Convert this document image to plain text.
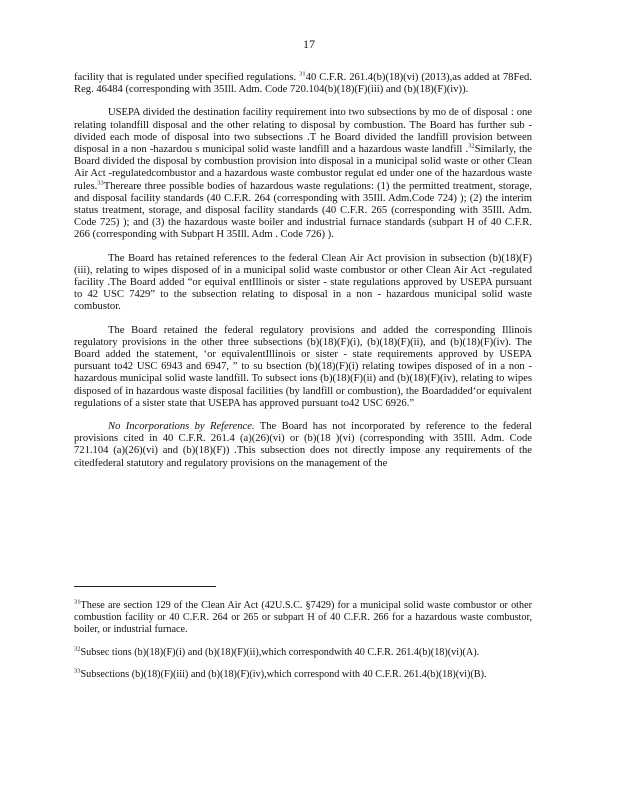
17

facility that is regulated under specified regulations. $^{31}$40 C.F.R. 261.4(b)(18)(vi) (2013),as added at 78Fed. Reg. 46484 (corresponding with 35Ill. Adm. Code 720.104(b)(18)(F)(iii) and (b)(18)(F)(iv)).

USEPA divided the destination facility requirement into two subsections by mo de of disposal : one relating tolandfill disposal and the other relating to disposal by combustion. The Board has further sub -divided each mode of disposal into two subsections .T he Board divided the landfill provision between disposal in a non -hazardou s municipal solid waste landfill and a hazardous waste landfill .$^{32}$Similarly, the Board divided the disposal by combustion provision into disposal in a municipal solid waste or other Clean Air Act -regulatedcombustor and a hazardous waste combustor regulat ed under one of the hazardous waste rules.$^{33}$Thereare three possible bodies of hazardous waste regulations: (1) the permitted treatment, storage, and disposal facility standards (40 C.F.R. 264 (corresponding with 35Ill. Adm.Code 724) ); (2) the interim status treatment, storage, and disposal facility standards (40 C.F.R. 265 (corresponding with 35Ill. Adm. Code 725) ); and (3) the hazardous waste boiler and industrial furnace standards (subpart H of 40 C.F.R. 266 (corresponding with Subpart H 35Ill. Adm . Code 726) ).

The Board has retained references to the federal Clean Air Act provision in subsection (b)(18)(F)(iii), relating to wipes disposed of in a municipal solid waste combustor or other Clean Air Act -regulated facility .The Board added “or equival entIllinois or sister - state regulations approved by USEPA pursuant to 42 USC 7429” to the subsection relating to disposal in a non - hazardous municipal solid waste combustor.

The Board retained the federal regulatory provisions and added the corresponding Illinois regulatory provisions in the other three subsections (b)(18)(F)(i), (b)(18)(F)(ii), and (b)(18)(F)(iv). The Board added the statement, ‘or equivalentIllinois or sister - state requirements approved by USEPA pursuant to42 USC 6943 and 6947, ” to su bsection (b)(18)(F)(i) relating towipes disposed of in a non - hazardous municipal solid waste landfill. To subsect ions (b)(18)(F)(ii) and (b)(18)(F)(iv), relating to wipes disposed of in hazardous waste disposal facilities (by landfill or combustion), the Boardadded‘or equivalent regulations of a sister state that USEPA has approved pursuant to42 USC 6926.”

No Incorporations by Reference. The Board has not incorporated by reference to the federal provisions cited in 40 C.F.R. 261.4 (a)(26)(vi) or (b)(18 )(vi) (corresponding with 35Ill. Adm. Code 721.104 (a)(26)(vi) and (b)(18)(F)) .This subsection does not directly impose any requirements of the citedfederal statutory and regulatory provisions on the management of the

$^{31}$These are section 129 of the Clean Air Act (42U.S.C. §7429) for a municipal solid waste combustor or other combustion facility or 40 C.F.R. 264 or 265 or subpart H of 40 C.F.R. 266 for a hazardous waste combustor, boiler, or industrial furnace.

$^{32}$Subsec tions (b)(18)(F)(i) and (b)(18)(F)(ii),which correspondwith 40 C.F.R. 261.4(b)(18)(vi)(A).

$^{33}$Subsections (b)(18)(F)(iii) and (b)(18)(F)(iv),which correspond with 40 C.F.R. 261.4(b)(18)(vi)(B).
